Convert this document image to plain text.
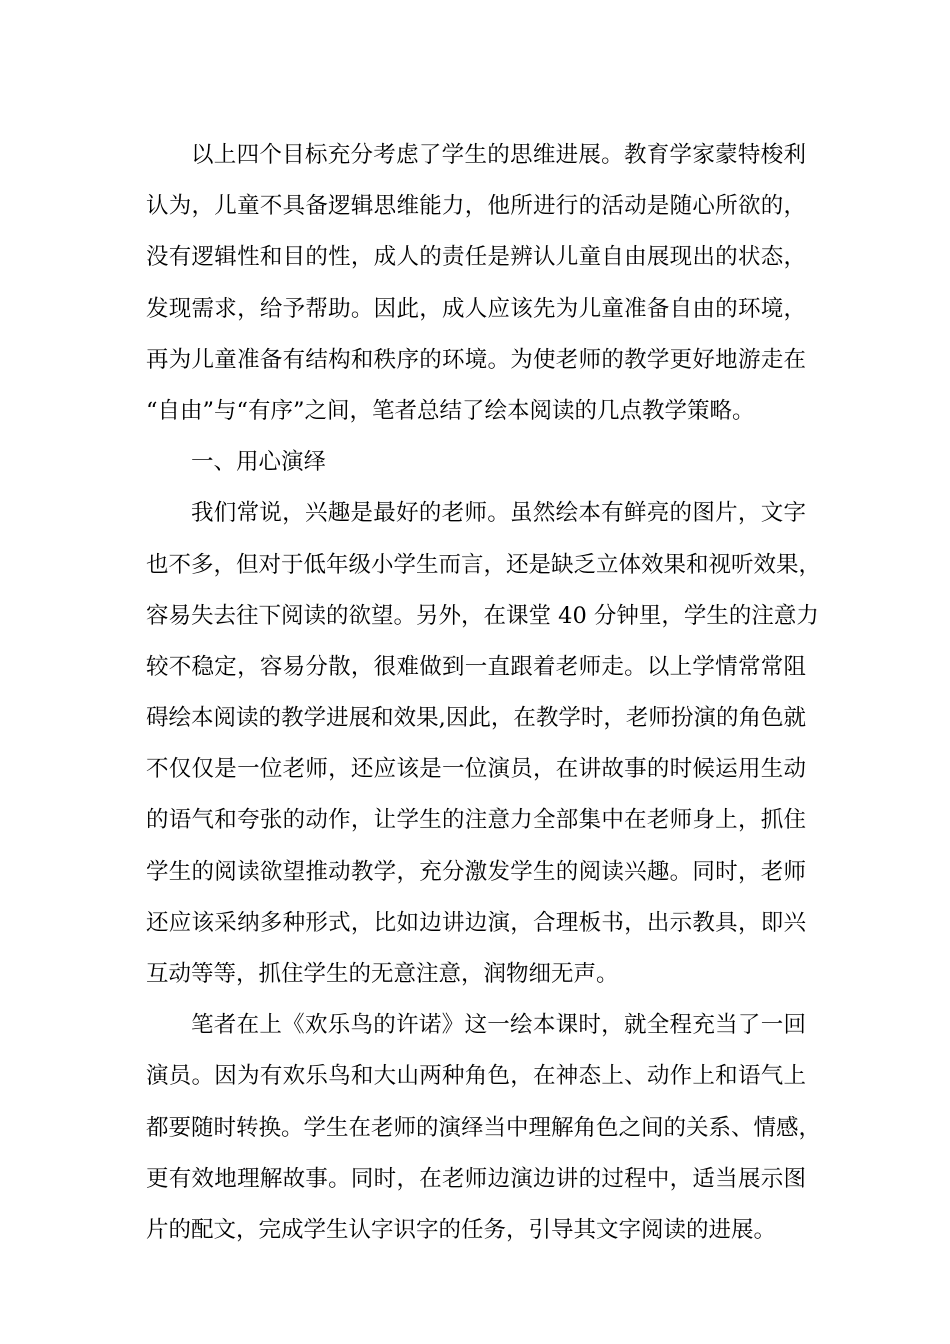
以上四个目标充分考虑了学生的思维进展。教育学家蒙特梭利
认为，儿童不具备逻辑思维能力，他所进行的活动是随心所欲的，
没有逻辑性和目的性，成人的责任是辨认儿童自由展现出的状态，
发现需求，给予帮助。因此，成人应该先为儿童准备自由的环境，
再为儿童准备有结构和秩序的环境。为使老师的教学更好地游走在
“自由”与“有序”之间，笔者总结了绘本阅读的几点教学策略。

一、用心演绎

我们常说，兴趣是最好的老师。虽然绘本有鲜亮的图片，文字
也不多，但对于低年级小学生而言，还是缺乏立体效果和视听效果，
容易失去往下阅读的欲望。另外，在课堂 40 分钟里，学生的注意力
较不稳定，容易分散，很难做到一直跟着老师走。以上学情常常阻
碍绘本阅读的教学进展和效果,因此，在教学时，老师扮演的角色就
不仅仅是一位老师，还应该是一位演员，在讲故事的时候运用生动
的语气和夸张的动作，让学生的注意力全部集中在老师身上，抓住
学生的阅读欲望推动教学，充分激发学生的阅读兴趣。同时，老师
还应该采纳多种形式，比如边讲边演，合理板书，出示教具，即兴
互动等等，抓住学生的无意注意，润物细无声。

笔者在上《欢乐鸟的许诺》这一绘本课时，就全程充当了一回
演员。因为有欢乐鸟和大山两种角色，在神态上、动作上和语气上
都要随时转换。学生在老师的演绎当中理解角色之间的关系、情感，
更有效地理解故事。同时，在老师边演边讲的过程中，适当展示图
片的配文，完成学生认字识字的任务，引导其文字阅读的进展。
